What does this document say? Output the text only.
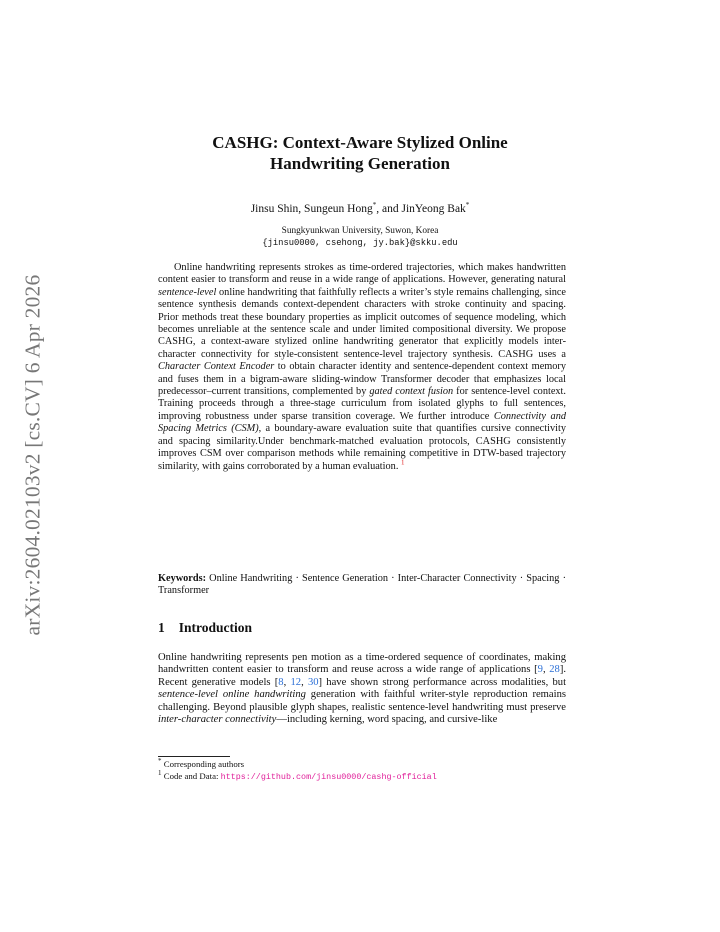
arXiv:2604.02103v2 [cs.CV] 6 Apr 2026
CASHG: Context-Aware Stylized Online
Handwriting Generation
Jinsu Shin, Sungeun Hong*, and JinYeong Bak*
Sungkyunkwan University, Suwon, Korea
{jinsu0000, csehong, jy.bak}@skku.edu
Online handwriting represents strokes as time-ordered trajectories, which makes handwritten content easier to transform and reuse in a wide range of applications. However, generating natural sentence-level online handwriting that faithfully reflects a writer’s style remains challenging, since sentence synthesis demands context-dependent characters with stroke continuity and spacing. Prior methods treat these boundary properties as implicit outcomes of sequence modeling, which becomes unreliable at the sentence scale and under limited compositional diversity. We propose CASHG, a context-aware stylized online handwriting generator that explicitly models inter-character connectivity for style-consistent sentence-level trajectory synthesis. CASHG uses a Character Context Encoder to obtain character identity and sentence-dependent context memory and fuses them in a bigram-aware sliding-window Transformer decoder that emphasizes local predecessor–current transitions, complemented by gated context fusion for sentence-level context. Training proceeds through a three-stage curriculum from isolated glyphs to full sentences, improving robustness under sparse transition coverage. We further introduce Connectivity and Spacing Metrics (CSM), a boundary-aware evaluation suite that quantifies cursive connectivity and spacing similarity.Under benchmark-matched evaluation protocols, CASHG consistently improves CSM over comparison methods while remaining competitive in DTW-based trajectory similarity, with gains corroborated by a human evaluation. $^1$
Keywords: Online Handwriting · Sentence Generation · Inter-Character Connectivity · Spacing · Transformer
1 Introduction
Online handwriting represents pen motion as a time-ordered sequence of coordinates, making handwritten content easier to transform and reuse across a wide range of applications [9, 28]. Recent generative models [8, 12, 30] have shown strong performance across modalities, but sentence-level online handwriting generation with faithful writer-style reproduction remains challenging. Beyond plausible glyph shapes, realistic sentence-level handwriting must preserve inter-character connectivity—including kerning, word spacing, and cursive-like
* Corresponding authors
$^1$ Code and Data: https://github.com/jinsu0000/cashg-official
